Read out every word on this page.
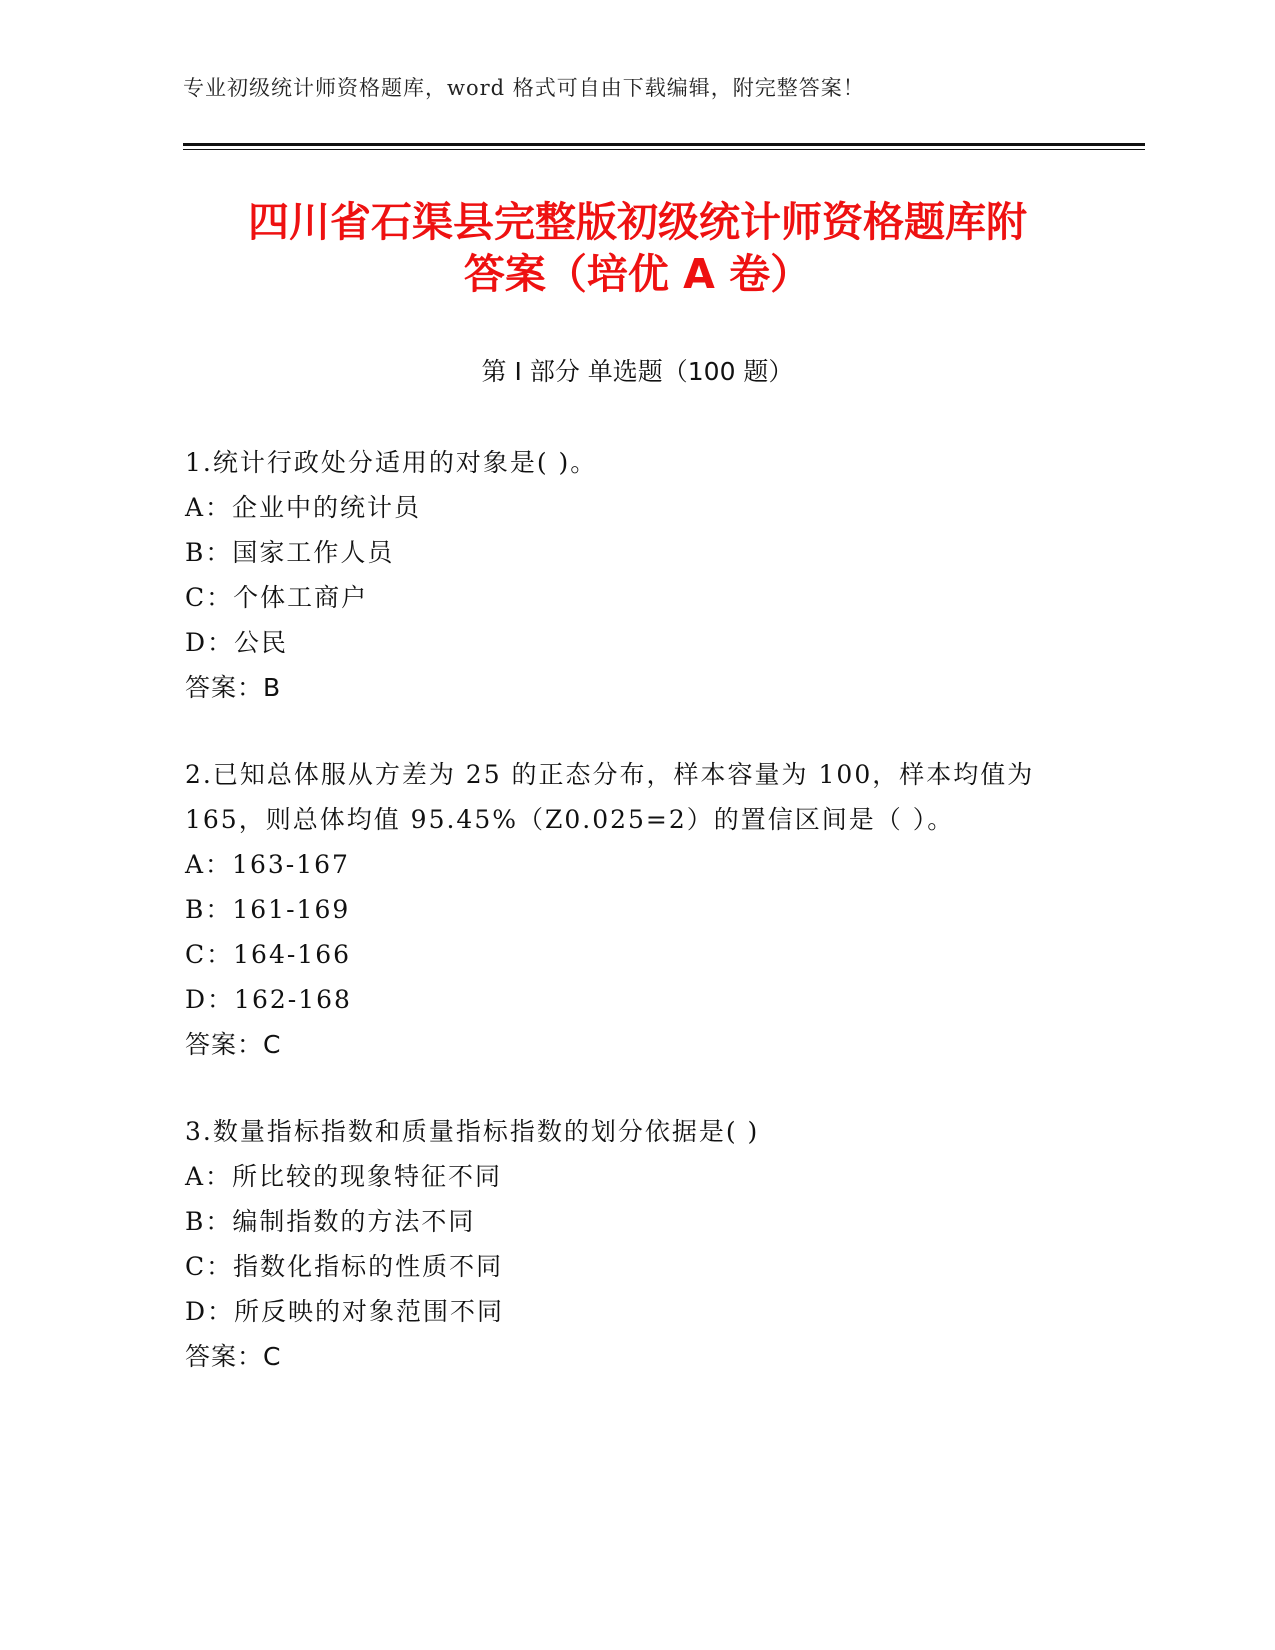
专业初级统计师资格题库，word 格式可自由下载编辑，附完整答案！
四川省石渠县完整版初级统计师资格题库附
答案（培优 A 卷）
第 I 部分 单选题（100 题）
1.统计行政处分适用的对象是( )。
A：企业中的统计员
B：国家工作人员
C：个体工商户
D：公民
答案：B
2.已知总体服从方差为 25 的正态分布，样本容量为 100，样本均值为 165，则总体均值 95.45%（Z0.025=2）的置信区间是（ ）。
A：163-167
B：161-169
C：164-166
D：162-168
答案：C
3.数量指标指数和质量指标指数的划分依据是( )
A：所比较的现象特征不同
B：编制指数的方法不同
C：指数化指标的性质不同
D：所反映的对象范围不同
答案：C
